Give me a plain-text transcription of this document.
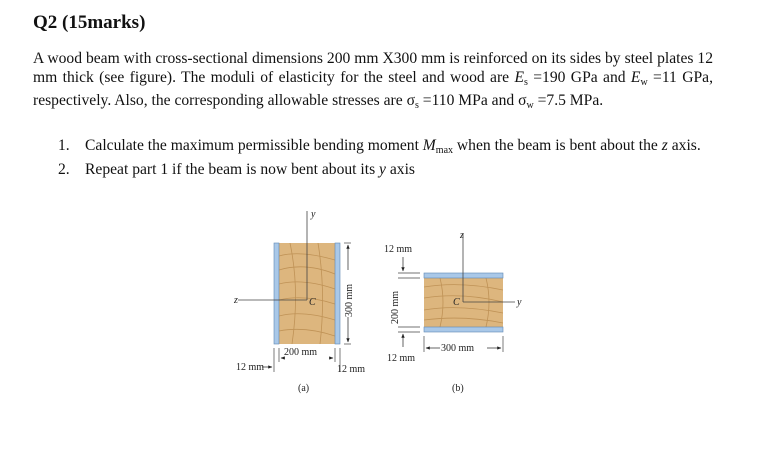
Q2 (15marks)
A wood beam with cross-sectional dimensions 200 mm X300 mm is reinforced on its sides by steel plates 12 mm thick (see figure). The moduli of elasticity for the steel and wood are $E_s =190$ GPa and $E_w =11$ GPa, respectively. Also, the corresponding allowable stresses are $\sigma_s =110$ MPa and $\sigma_w =7.5$ MPa.
1. Calculate the maximum permissible bending moment $M_{max}$ when the beam is bent about the z axis.
2. Repeat part 1 if the beam is now bent about its y axis
y
z	C	300 mm
200 mm
12 mm	12 mm
(a)
z
y
C
12 mm
200 mm
12 mm
300 mm
(b)
